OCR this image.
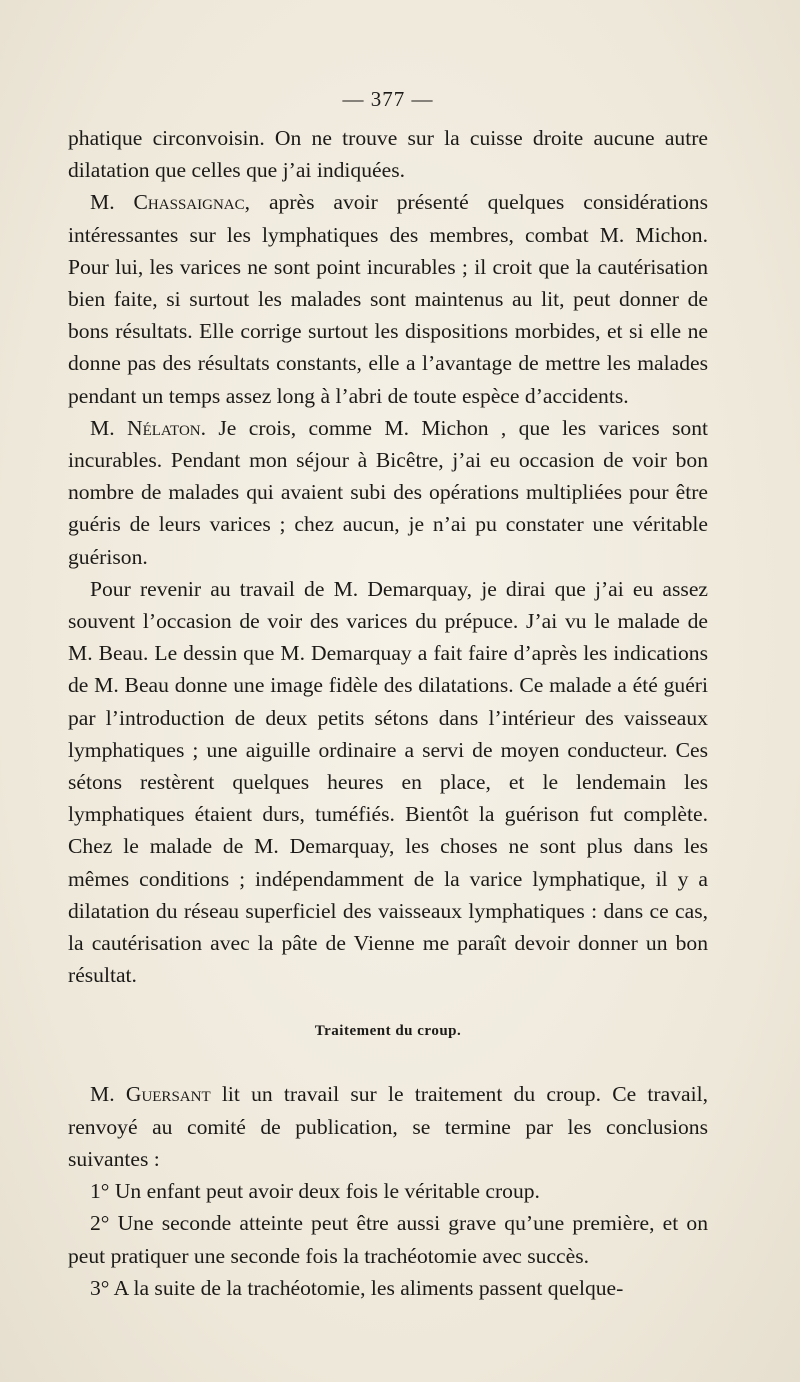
— 377 —

phatique circonvoisin. On ne trouve sur la cuisse droite aucune autre dilatation que celles que j’ai indiquées.

M. Chassaignac, après avoir présenté quelques considérations intéressantes sur les lymphatiques des membres, combat M. Michon. Pour lui, les varices ne sont point incurables ; il croit que la cautérisation bien faite, si surtout les malades sont maintenus au lit, peut donner de bons résultats. Elle corrige surtout les dispositions morbides, et si elle ne donne pas des résultats constants, elle a l’avantage de mettre les malades pendant un temps assez long à l’abri de toute espèce d’accidents.

M. Nélaton. Je crois, comme M. Michon , que les varices sont incurables. Pendant mon séjour à Bicêtre, j’ai eu occasion de voir bon nombre de malades qui avaient subi des opérations multipliées pour être guéris de leurs varices ; chez aucun, je n’ai pu constater une véritable guérison.

Pour revenir au travail de M. Demarquay, je dirai que j’ai eu assez souvent l’occasion de voir des varices du prépuce. J’ai vu le malade de M. Beau. Le dessin que M. Demarquay a fait faire d’après les indications de M. Beau donne une image fidèle des dilatations. Ce malade a été guéri par l’introduction de deux petits sétons dans l’intérieur des vaisseaux lymphatiques ; une aiguille ordinaire a servi de moyen conducteur. Ces sétons restèrent quelques heures en place, et le lendemain les lymphatiques étaient durs, tuméfiés. Bientôt la guérison fut complète. Chez le malade de M. Demarquay, les choses ne sont plus dans les mêmes conditions ; indépendamment de la varice lymphatique, il y a dilatation du réseau superficiel des vaisseaux lymphatiques : dans ce cas, la cautérisation avec la pâte de Vienne me paraît devoir donner un bon résultat.

Traitement du croup.

M. Guersant lit un travail sur le traitement du croup. Ce travail, renvoyé au comité de publication, se termine par les conclusions suivantes :

1° Un enfant peut avoir deux fois le véritable croup.

2° Une seconde atteinte peut être aussi grave qu’une première, et on peut pratiquer une seconde fois la trachéotomie avec succès.

3° A la suite de la trachéotomie, les aliments passent quelque-
